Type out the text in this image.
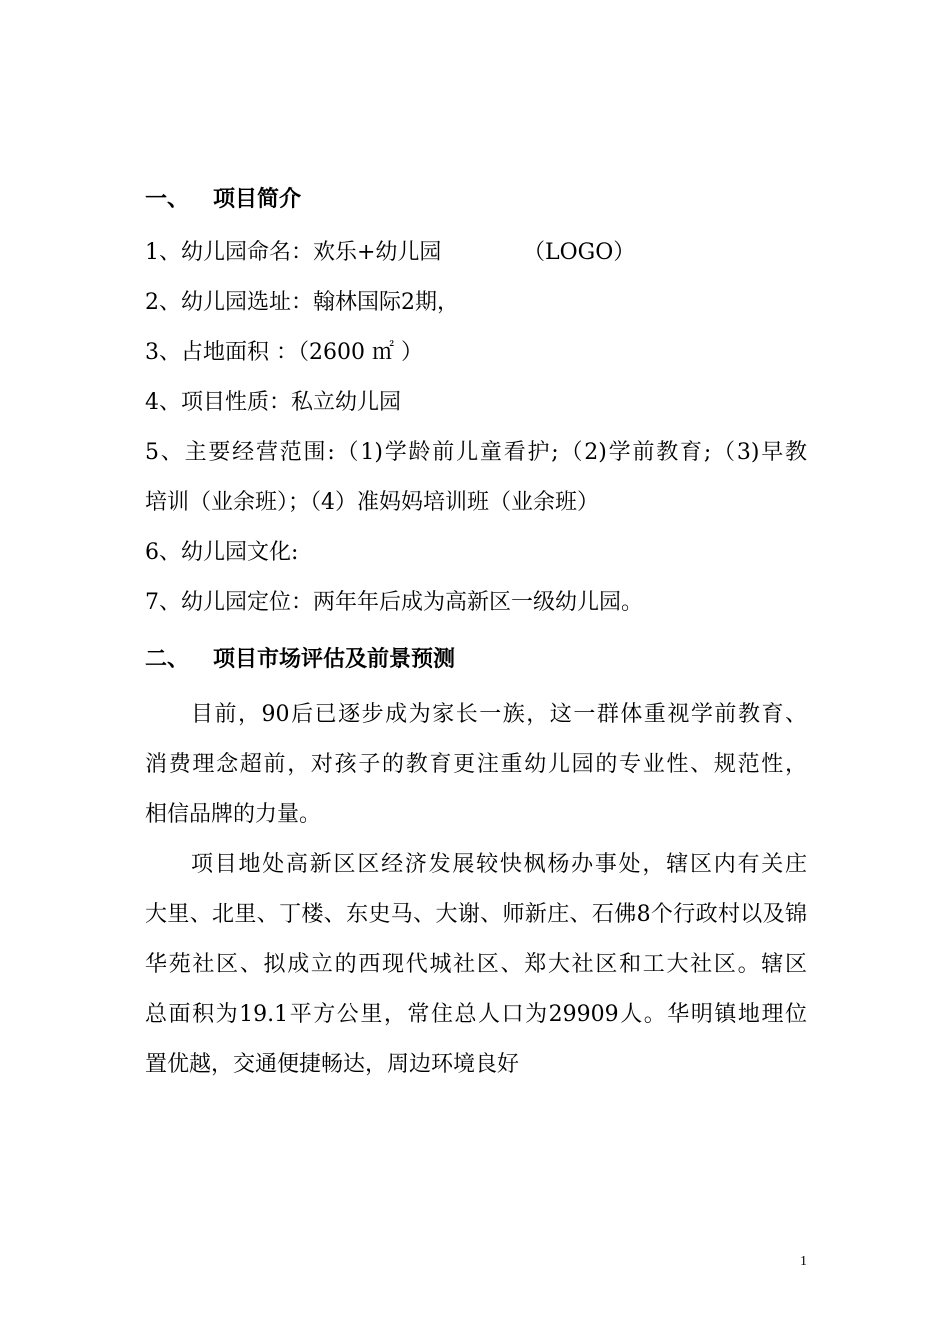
一、 项目简介
1、幼儿园命名：欢乐+幼儿园	（LOGO）
2、幼儿园选址：翰林国际2期，
3、占地面积 ：（2600 ㎡ ）
4、项目性质：私立幼儿园
5、主要经营范围:（1)学龄前儿童看护;（2)学前教育;（3)早教
培训（业余班）；（4）准妈妈培训班（业余班）
6、幼儿园文化:
7、幼儿园定位：两年年后成为高新区一级幼儿园。
二、 项目市场评估及前景预测
目前，90后已逐步成为家长一族，这一群体重视学前教育、
消费理念超前，对孩子的教育更注重幼儿园的专业性、规范性，
相信品牌的力量。
项目地处高新区区经济发展较快枫杨办事处，辖区内有关庄
大里、北里、丁楼、东史马、大谢、师新庄、石佛8个行政村以及锦
华苑社区、拟成立的西现代城社区、郑大社区和工大社区。辖区
总面积为19.1平方公里，常住总人口为29909人。华明镇地理位
置优越，交通便捷畅达，周边环境良好
1
